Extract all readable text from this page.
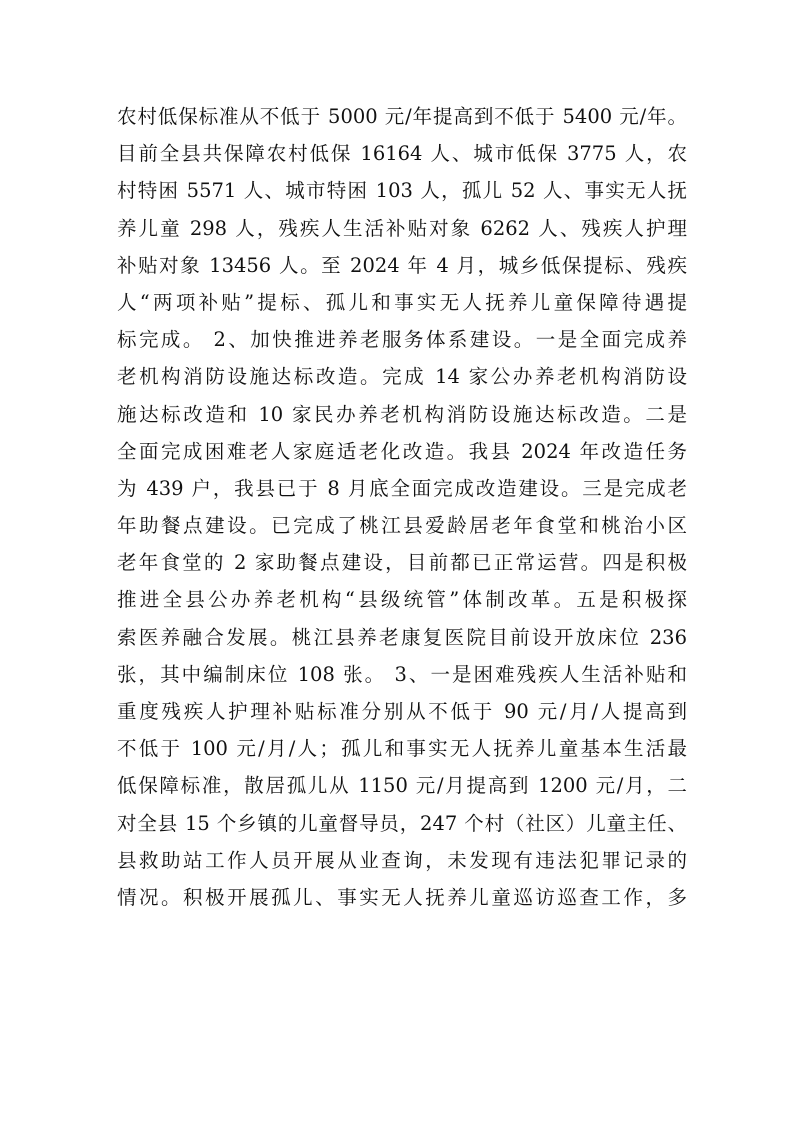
农村低保标准从不低于 5000 元/年提高到不低于 5400 元/年。
目前全县共保障农村低保 16164 人、城市低保 3775 人，农
村特困 5571 人、城市特困 103 人，孤儿 52 人、事实无人抚
养儿童 298 人，残疾人生活补贴对象 6262 人、残疾人护理
补贴对象 13456 人。至 2024 年 4 月，城乡低保提标、残疾
人“两项补贴”提标、孤儿和事实无人抚养儿童保障待遇提
标完成。 2、加快推进养老服务体系建设。一是全面完成养
老机构消防设施达标改造。完成 14 家公办养老机构消防设
施达标改造和 10 家民办养老机构消防设施达标改造。二是
全面完成困难老人家庭适老化改造。我县 2024 年改造任务
为 439 户，我县已于 8 月底全面完成改造建设。三是完成老
年助餐点建设。已完成了桃江县爱龄居老年食堂和桃治小区
老年食堂的 2 家助餐点建设，目前都已正常运营。四是积极
推进全县公办养老机构“县级统管”体制改革。五是积极探
索医养融合发展。桃江县养老康复医院目前设开放床位 236
张，其中编制床位 108 张。 3、一是困难残疾人生活补贴和
重度残疾人护理补贴标准分别从不低于 90 元/月/人提高到
不低于 100 元/月/人；孤儿和事实无人抚养儿童基本生活最
低保障标准，散居孤儿从 1150 元/月提高到 1200 元/月，二
对全县 15 个乡镇的儿童督导员，247 个村（社区）儿童主任、
县救助站工作人员开展从业查询，未发现有违法犯罪记录的
情况。积极开展孤儿、事实无人抚养儿童巡访巡查工作，多
